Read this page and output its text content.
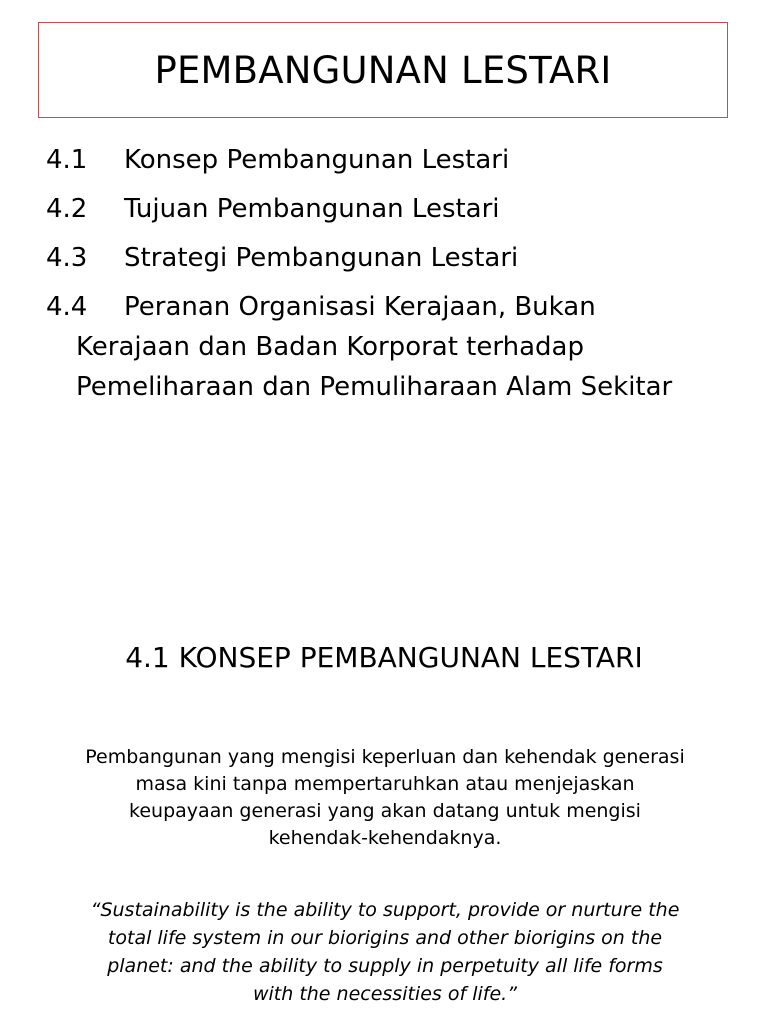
PEMBANGUNAN LESTARI
4.1	Konsep Pembangunan Lestari
4.2	Tujuan Pembangunan Lestari
4.3	Strategi Pembangunan Lestari
4.4	Peranan Organisasi Kerajaan, Bukan
Kerajaan dan Badan Korporat terhadap
Pemeliharaan dan Pemuliharaan Alam Sekitar
4.1 KONSEP PEMBANGUNAN LESTARI
Pembangunan yang mengisi keperluan dan kehendak generasi
masa kini tanpa mempertaruhkan atau menjejaskan
keupayaan generasi yang akan datang untuk mengisi
kehendak-kehendaknya.
“Sustainability is the ability to support, provide or nurture the
total life system in our biorigins and other biorigins on the
planet: and the ability to supply in perpetuity all life forms
with the necessities of life.”
